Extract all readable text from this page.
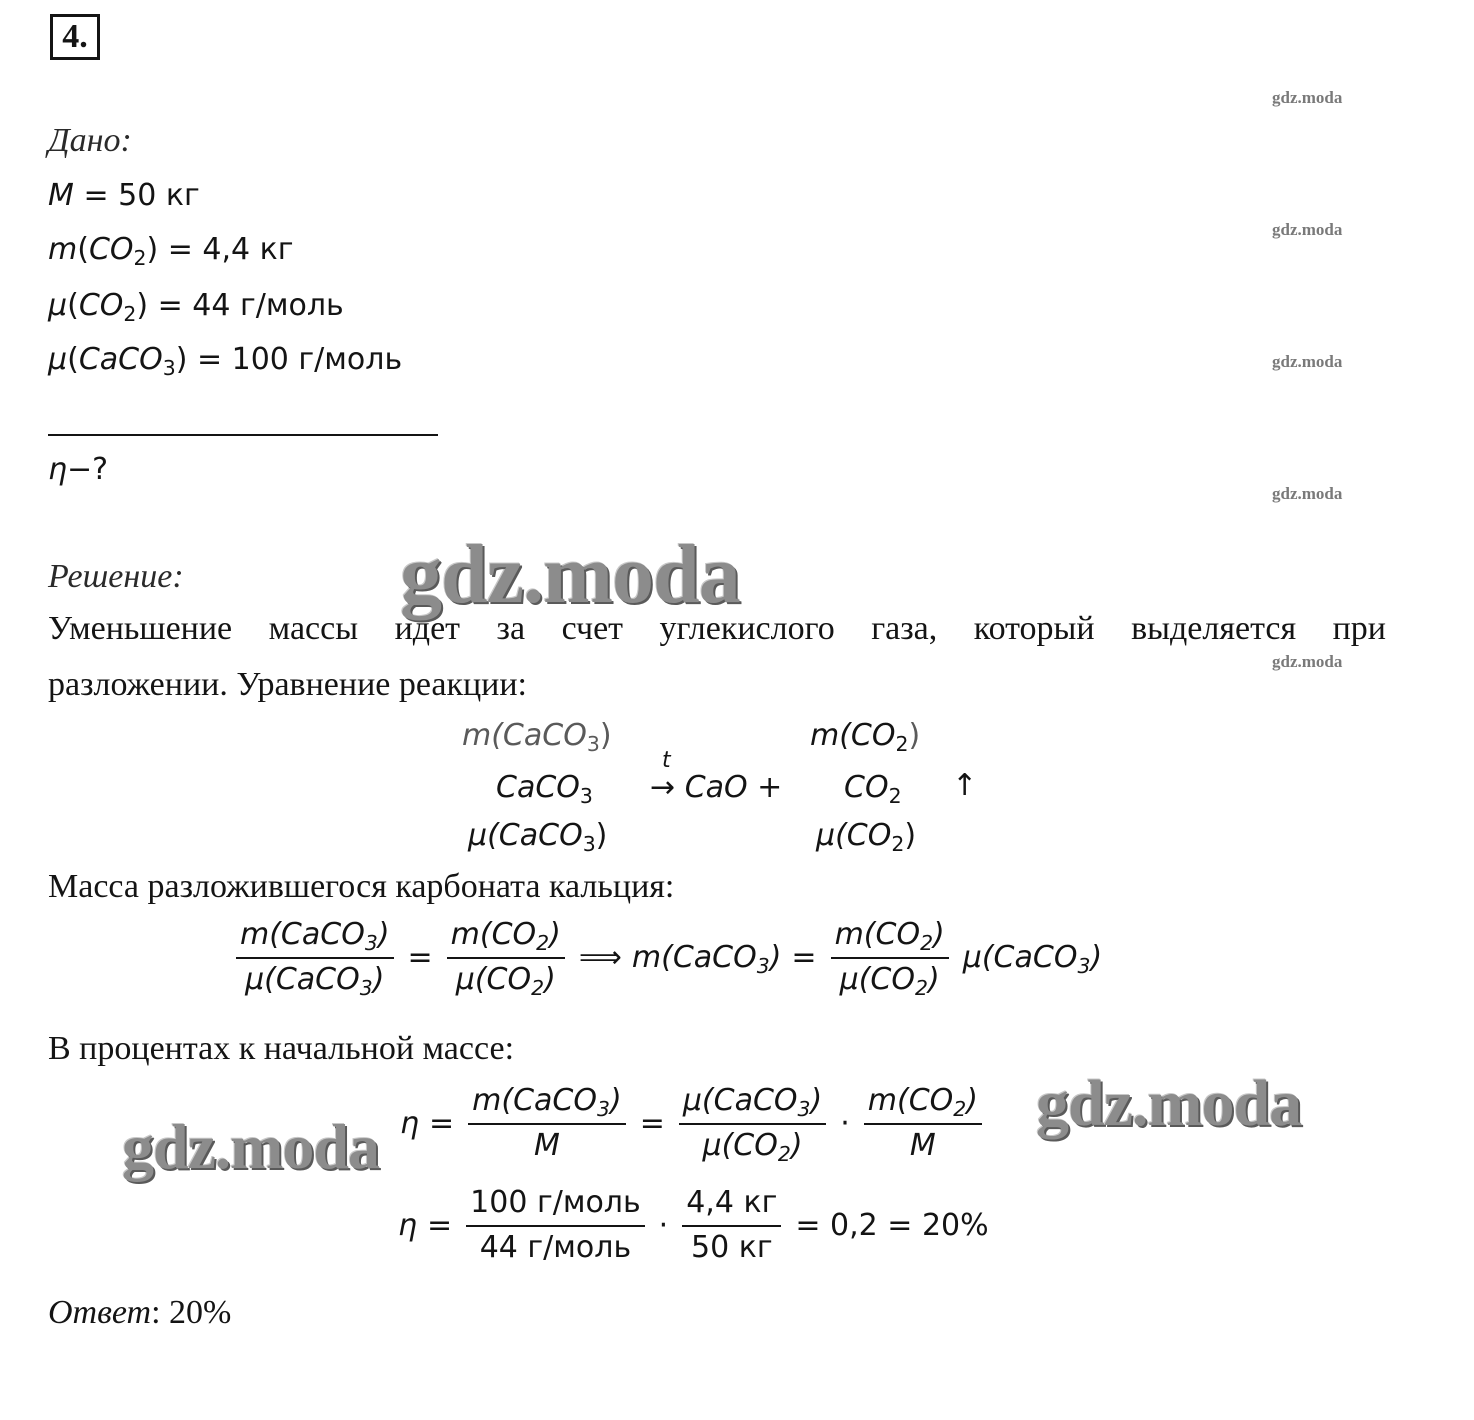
4.
gdz.moda
gdz.moda
gdz.moda
gdz.moda
gdz.moda
Дано:
M = 50 кг
$m(CO_2) = 4,4$ кг
$\mu(CO_2) = 44$ г/моль
μ(CaCO$_3$) = 100 г/моль
η−?
Решение:	gdz.moda
Уменьшение массы идет за счет углекислого газа, который выделяется при
разложении. Уравнение реакции:
m(CaCO$_3$)	$m(CO_2)$
t
CaCO$_3$ → CaO + $CO_2$ ↑
μ(CaCO$_3$)	$\mu(CO_2)$
Масса разложившегося карбоната кальция:
$\frac{m(CaCO_3)}{\mu(CaCO_3)} = \frac{m(CO_2)}{\mu(CO_2)}$ ⟹ m(CaCO$_3$) = $\frac{m(CO_2)}{\mu(CO_2)}$ μ(CaCO$_3$)
В процентах к начальной массе:
gdz.moda
gdz.moda
$\eta = \frac{m(CaCO_3)}{M} = \frac{\mu(CaCO_3)}{\mu(CO_2)} \cdot \frac{m(CO_2)}{M}$
$\eta = \frac{\text{100 г/моль}}{\text{44 г/моль}} \cdot \frac{4,4 кг}{50 кг} = 0,2 = 20\%$
Ответ: 20%
